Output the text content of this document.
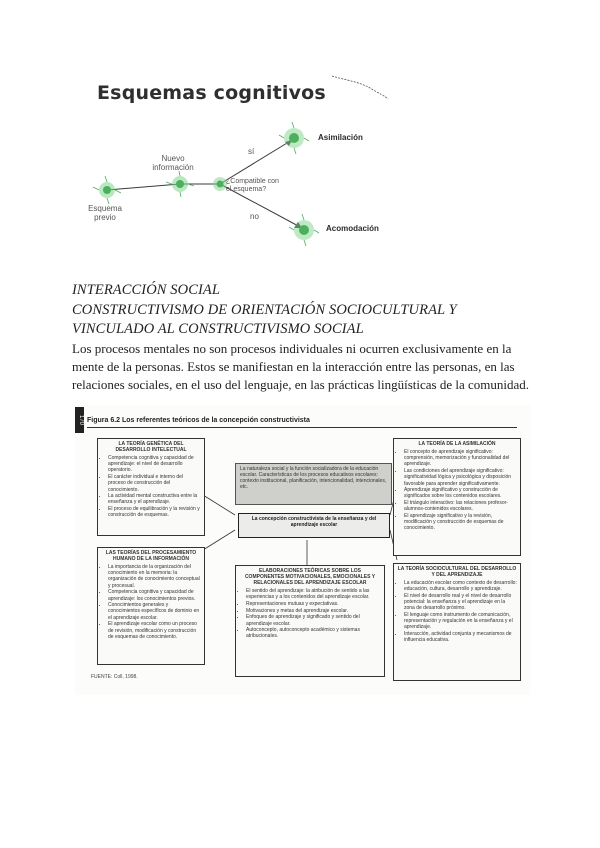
Esquemas cognitivos
Esquema previo
Nuevo información
¿Compatible con el esquema?
sí
no
Asimilación
Acomodación
INTERACCIÓN SOCIAL
CONSTRUCTIVISMO DE ORIENTACIÓN SOCIOCULTURAL Y
VINCULADO AL CONSTRUCTIVISMO SOCIAL
Los procesos mentales no son procesos individuales ni ocurren exclusivamente en la mente de la personas. Estos se manifiestan en la interacción entre las personas, en las relaciones sociales, en el uso del lenguaje, en las prácticas lingüísticas de la comunidad.
170 Figura 6.2 Los referentes teóricos de la concepción constructivista
LA TEORÍA GENÉTICA DEL DESARROLLO INTELECTUAL
• Competencia cognitiva y capacidad de aprendizaje: el nivel de desarrollo operatorio.
• El carácter individual e interno del proceso de construcción del conocimiento.
• La actividad mental constructiva entre la enseñanza y el aprendizaje.
• El proceso de equilibración y la revisión y construcción de esquemas.
LAS TEORÍAS DEL PROCESAMIENTO HUMANO DE LA INFORMACIÓN
• La importancia de la organización del conocimiento en la memoria: la organización de conocimiento conceptual y procesual.
• Competencia cognitiva y capacidad de aprendizaje: los conocimientos previos.
• Conocimientos generales y conocimientos específicos de dominio en el aprendizaje escolar.
• El aprendizaje escolar como un proceso de revisión, modificación y construcción de esquemas de conocimiento.
La naturaleza social y la función socializadora de la educación escolar. Características de los procesos educativos escolares: contexto institucional, planificación, intencionalidad, intencionales, etc.
La concepción constructivista de la enseñanza y del aprendizaje escolar
ELABORACIONES TEÓRICAS SOBRE LOS COMPONENTES MOTIVACIONALES, EMOCIONALES Y RELACIONALES DEL APRENDIZAJE ESCOLAR
• El sentido del aprendizaje: la atribución de sentido a las experiencias y a los contenidos del aprendizaje escolar.
• Representaciones mutuas y expectativas.
• Motivaciones y metas del aprendizaje escolar.
• Enfoques de aprendizaje y significado y sentido del aprendizaje escolar.
• Autoconcepto, autoconcepto académico y sistemas atribucionales.
LA TEORÍA DE LA ASIMILACIÓN
• El concepto de aprendizaje significativo: comprensión, memorización y funcionalidad del aprendizaje.
• Las condiciones del aprendizaje significativo: significatividad lógica y psicológica y disposición favorable para aprender significativamente.
• Aprendizaje significativo y construcción de significados sobre los contenidos escolares.
• El triángulo interactivo: las relaciones profesor-alumnos-contenidos escolares.
• El aprendizaje significativo y la revisión, modificación y construcción de esquemas de conocimiento.
LA TEORÍA SOCIOCULTURAL DEL DESARROLLO Y DEL APRENDIZAJE
• La educación escolar como contexto de desarrollo: educación, cultura, desarrollo y aprendizaje.
• El nivel de desarrollo real y el nivel de desarrollo potencial: la enseñanza y el aprendizaje en la zona de desarrollo próximo.
• El lenguaje como instrumento de comunicación, representación y regulación en la enseñanza y el aprendizaje.
• Interacción, actividad conjunta y mecanismos de influencia educativa.
FUENTE: Coll, 1998.
